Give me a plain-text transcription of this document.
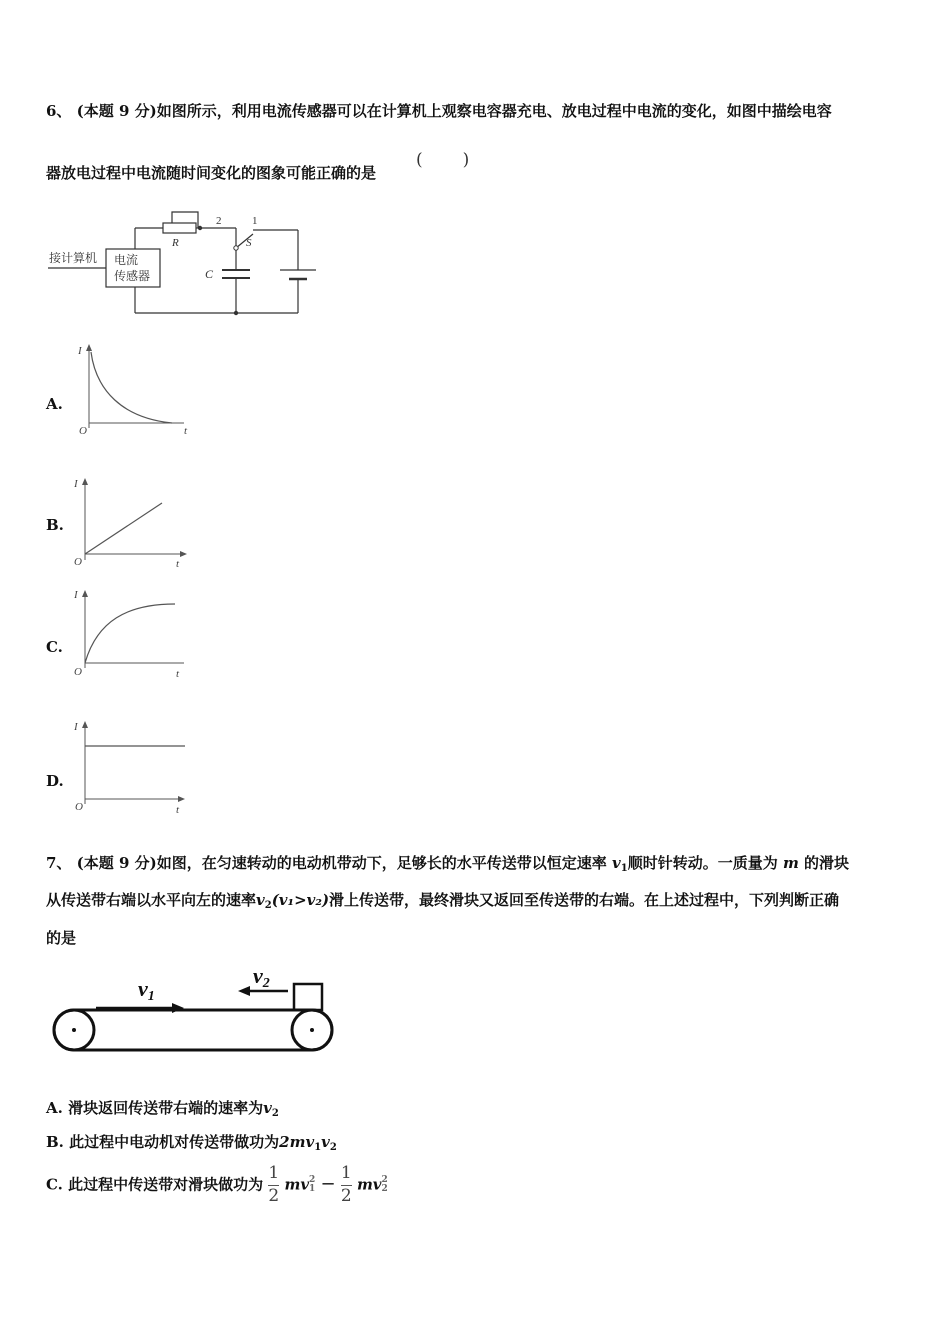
6、 (本题 9 分)如图所示，利用电流传感器可以在计算机上观察电容器充电、放电过程中电流的变化，如图中描绘电容
器放电过程中电流随时间变化的图象可能正确的是
( )
接计算机 电流
传感器
R
2	1
S
C
A.
I
t
O
B.
I
t
O
C.
I
t
O
D.
I
t
O
7、 (本题 9 分)如图，在匀速转动的电动机带动下，足够长的水平传送带以恒定速率 $v_1$顺时针转动。一质量为 m 的滑块
从传送带右端以水平向左的速率$v_2(v_1>v_2)$滑上传送带，最终滑块又返回至传送带的右端。在上述过程中，下列判断正确
的是
v1
v2
A. 滑块返回传送带右端的速率为$v_2$
B. 此过程中电动机对传送带做功为$2mv_1v_2$
C. 此过程中传送带对滑块做功为 $\frac{1}{2}$ mv 2
$1 - \frac{1}{2}$ mv 2
2
